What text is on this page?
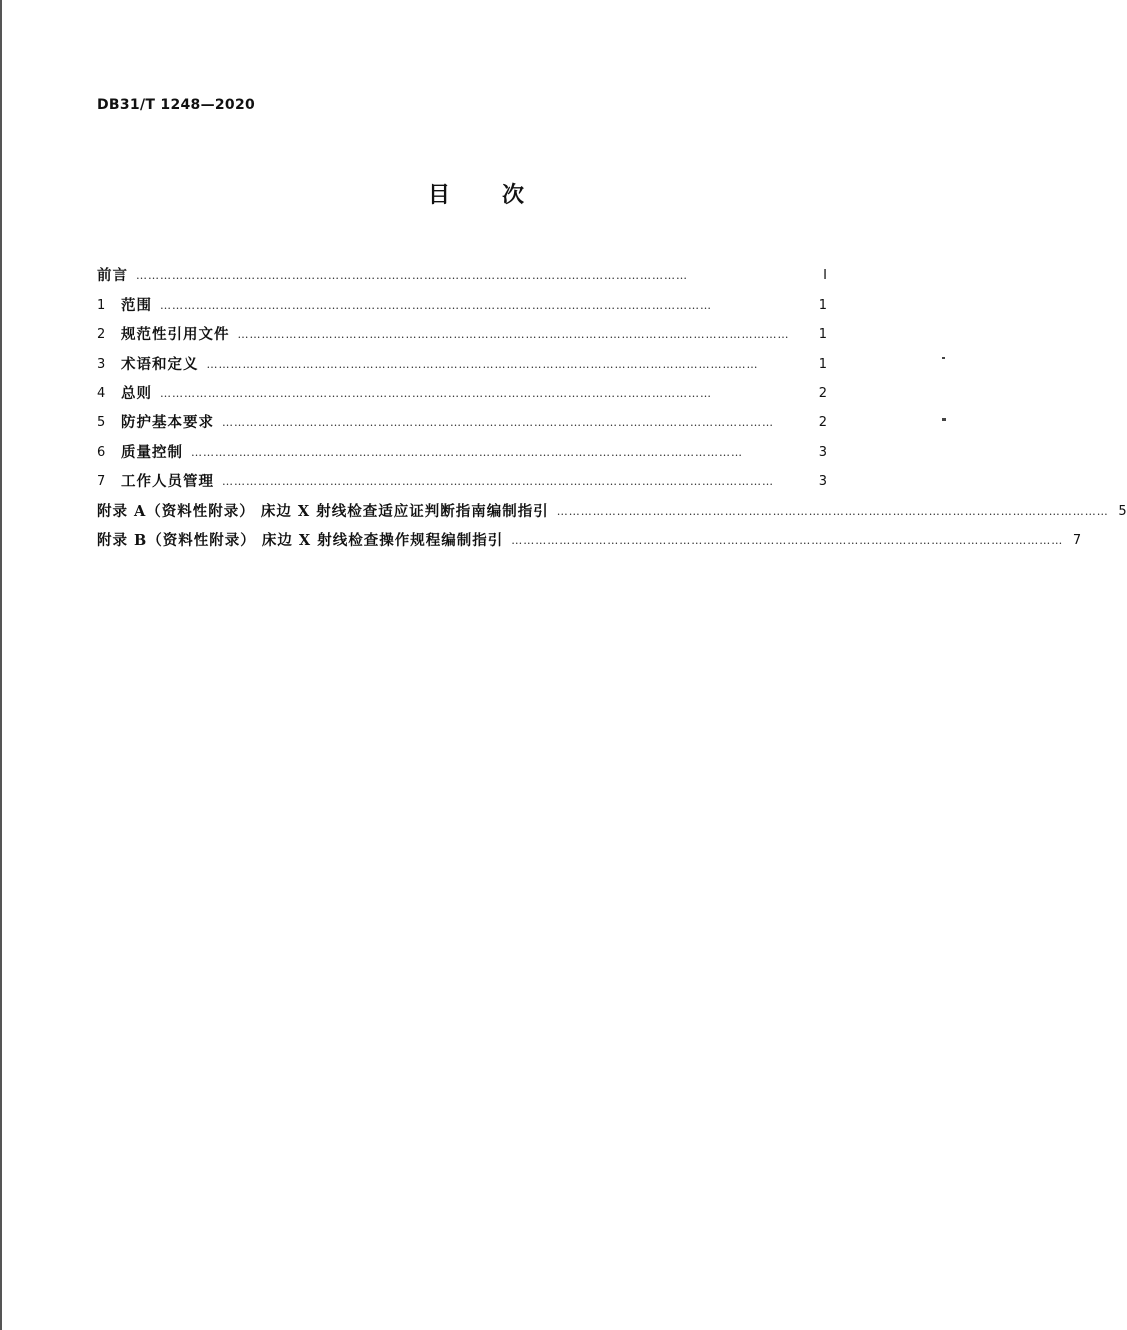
DB31/T 1248—2020
目 次
前言 …………………………………………………………………………………………………………………………	I
1	范围 …………………………………………………………………………………………………………………………	1
2	规范性引用文件 …………………………………………………………………………………………………………………………	1
3	术语和定义 …………………………………………………………………………………………………………………………	1
4	总则 …………………………………………………………………………………………………………………………	2
5	防护基本要求 …………………………………………………………………………………………………………………………	2
6	质量控制 …………………………………………………………………………………………………………………………	3
7	工作人员管理 …………………………………………………………………………………………………………………………	3
附录 A（资料性附录） 床边 X 射线检查适应证判断指南编制指引 ………………………………………………………………………………………………………………………… 5
附录 B（资料性附录） 床边 X 射线检查操作规程编制指引 ………………………………………………………………………………………………………………………… 7
